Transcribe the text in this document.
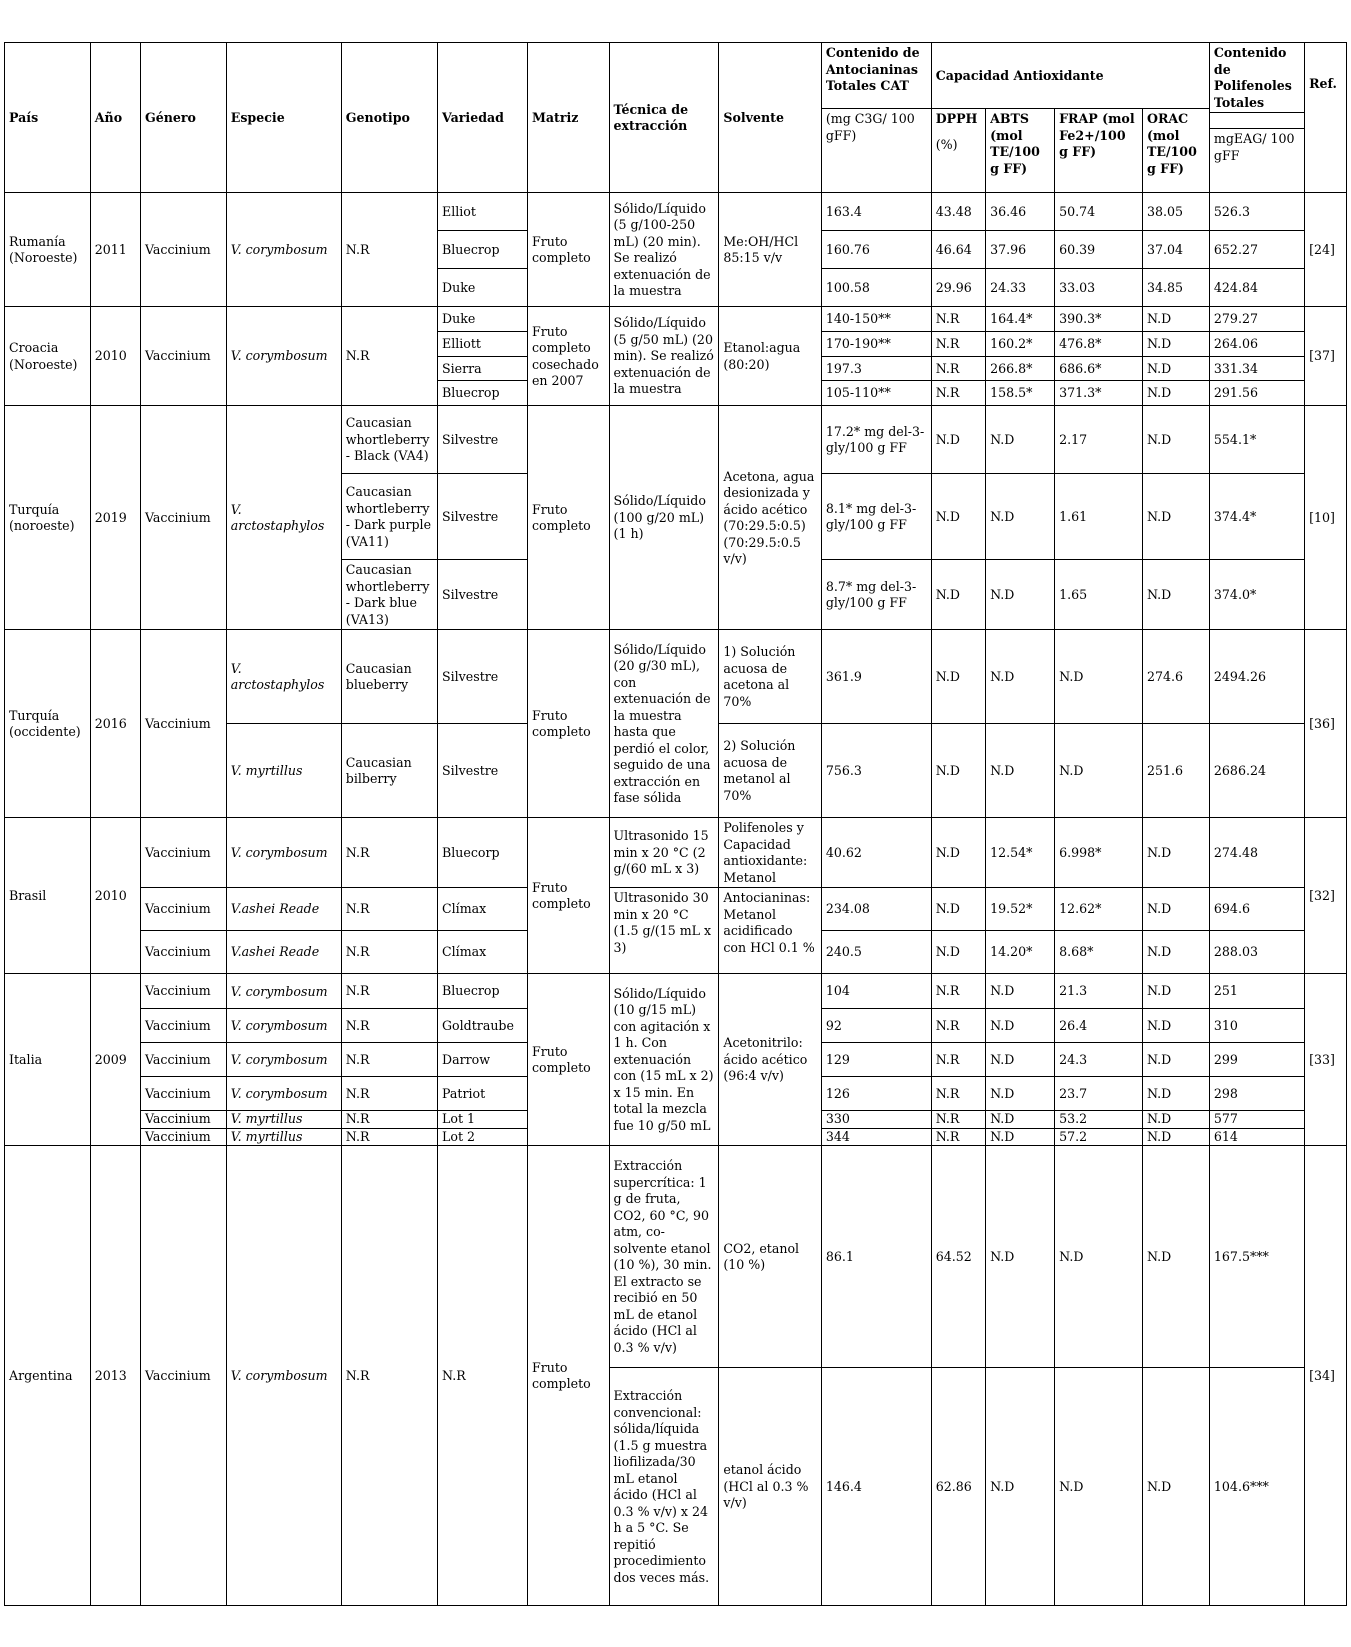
País	Año	Género	Especie	Genotipo	Variedad	Matriz	Técnica de extracción	Solvente	Contenido de Antocianinas Totales CAT	Capacidad Antioxidante				Contenido de Polifenoles Totales	Ref.
									(mg C3G/ 100 gFF)	DPPH	ABTS (mol TE/100 g FF)	FRAP (mol Fe2+/100 g FF)	ORAC (mol TE/100 g FF)		
										(%)				mgEAG/ 100 gFF	
Rumanía (Noroeste)	2011	Vaccinium	V. corymbosum	N.R	Elliot	Fruto completo	Sólido/Líquido (5 g/100-250 mL) (20 min). Se realizó extenuación de la muestra	Me:OH/HCl 85:15 v/v	163.4	43.48	36.46	50.74	38.05	526.3	[24]
					Bluecrop				160.76	46.64	37.96	60.39	37.04	652.27	
					Duke				100.58	29.96	24.33	33.03	34.85	424.84	
Croacia (Noroeste)	2010	Vaccinium	V. corymbosum	N.R	Duke	Fruto completo cosechado en 2007	Sólido/Líquido (5 g/50 mL) (20 min). Se realizó extenuación de la muestra	Etanol:agua (80:20)	140-150**	N.R	164.4*	390.3*	N.D	279.27	[37]
					Elliott				170-190**	N.R	160.2*	476.8*	N.D	264.06	
					Sierra				197.3	N.R	266.8*	686.6*	N.D	331.34	
					Bluecrop				105-110**	N.R	158.5*	371.3*	N.D	291.56	
Turquía (noroeste)	2019	Vaccinium	V. arctostaphylos	Caucasian whortleberry - Black (VA4)	Silvestre	Fruto completo	Sólido/Líquido (100 g/20 mL) (1 h)	Acetona, agua desionizada y ácido acético (70:29.5:0.5) (70:29.5:0.5 v/v)	17.2* mg del-3-gly/100 g FF	N.D	N.D	2.17	N.D	554.1*	[10]
				Caucasian whortleberry - Dark purple (VA11)	Silvestre				8.1* mg del-3-gly/100 g FF	N.D	N.D	1.61	N.D	374.4*	
				Caucasian whortleberry - Dark blue (VA13)	Silvestre				8.7* mg del-3-gly/100 g FF	N.D	N.D	1.65	N.D	374.0*	
Turquía (occidente)	2016	Vaccinium	V. arctostaphylos	Caucasian blueberry	Silvestre	Fruto completo	Sólido/Líquido (20 g/30 mL), con extenuación de la muestra hasta que perdió el color, seguido de una extracción en fase sólida	1) Solución acuosa de acetona al 70%	361.9	N.D	N.D	N.D	274.6	2494.26	[36]
			V. myrtillus	Caucasian bilberry	Silvestre			2) Solución acuosa de metanol al 70%	756.3	N.D	N.D	N.D	251.6	2686.24	
Brasil	2010	Vaccinium	V. corymbosum	N.R	Bluecorp	Fruto completo	Ultrasonido 15 min x 20 °C (2 g/(60 mL x 3)	Polifenoles y Capacidad antioxidante: Metanol	40.62	N.D	12.54*	6.998*	N.D	274.48	[32]
		Vaccinium	V.ashei Reade	N.R	Clímax		Ultrasonido 30 min x 20 °C (1.5 g/(15 mL x 3)	Antocianinas: Metanol acidificado con HCl 0.1 %	234.08	N.D	19.52*	12.62*	N.D	694.6	
		Vaccinium	V.ashei Reade	N.R	Clímax				240.5	N.D	14.20*	8.68*	N.D	288.03	
Italia	2009	Vaccinium	V. corymbosum	N.R	Bluecrop	Fruto completo	Sólido/Líquido (10 g/15 mL) con agitación x 1 h. Con extenuación con (15 mL x 2) x 15 min. En total la mezcla fue 10 g/50 mL	Acetonitrilo: ácido acético (96:4 v/v)	104	N.R	N.D	21.3	N.D	251	[33]
		Vaccinium	V. corymbosum	N.R	Goldtraube				92	N.R	N.D	26.4	N.D	310	
		Vaccinium	V. corymbosum	N.R	Darrow				129	N.R	N.D	24.3	N.D	299	
		Vaccinium	V. corymbosum	N.R	Patriot				126	N.R	N.D	23.7	N.D	298	
		Vaccinium	V. myrtillus	N.R	Lot 1				330	N.R	N.D	53.2	N.D	577	
		Vaccinium	V. myrtillus	N.R	Lot 2				344	N.R	N.D	57.2	N.D	614	
Argentina	2013	Vaccinium	V. corymbosum	N.R	N.R	Fruto completo	Extracción supercrítica: 1 g de fruta, CO2, 60 °C, 90 atm, co-solvente etanol (10 %), 30 min. El extracto se recibió en 50 mL de etanol ácido (HCl al 0.3 % v/v)	CO2, etanol (10 %)	86.1	64.52	N.D	N.D	N.D	167.5***	[34]
							Extracción convencional: sólida/líquida (1.5 g muestra liofilizada/30 mL etanol ácido (HCl al 0.3 % v/v) x 24 h a 5 °C. Se repitió procedimiento dos veces más.	etanol ácido (HCl al 0.3 % v/v)	146.4	62.86	N.D	N.D	N.D	104.6***	
